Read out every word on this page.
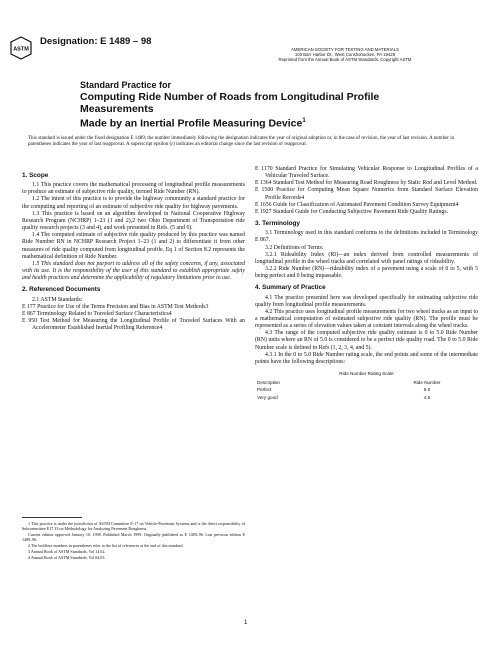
ASTM
Designation: E 1489 – 98
AMERICAN SOCIETY FOR TESTING AND MATERIALS
100 Barr Harbor Dr., West Conshohocken, PA 19428
Reprinted from the Annual Book of ASTM Standards. Copyright ASTM
Standard Practice for
Computing Ride Number of Roads from Longitudinal Profile
Measurements
Made by an Inertial Profile Measuring Device$^1$
This standard is issued under the fixed designation E 1489; the number immediately following the designation indicates the year of original adoption or, in the case of revision, the year of last revision. A number in parentheses indicates the year of last reapproval. A superscript epsilon (ε) indicates an editorial change since the last revision or reapproval.
1. Scope

1.1 This practice covers the mathematical processing of longitudinal profile measurements to produce an estimate of subjective ride quality, termed Ride Number (RN).

1.2 The intent of this practice is to provide the highway community a standard practice for the computing and reporting of an estimate of subjective ride quality for highway pavements.

1.3 This practice is based on an algorithm developed in National Cooperative Highway Research Program (NCHRP) 1–23 (1 and 2),2 two Ohio Department of Transportation ride quality research projects (3 and 4), and work presented in Refs. (5 and 6).

1.4 The computed estimate of subjective ride quality produced by this practice was named Ride Number RN in NCHRP Research Project 1–23 (1 and 2) to differentiate it from other measures of ride quality computed from longitudinal profile. Eq 1 of Section 8.2 represents the mathematical definition of Ride Number.

1.5 This standard does not purport to address all of the safety concerns, if any, associated with its use. It is the responsibility of the user of this standard to establish appropriate safety and health practices and determine the applicability of regulatory limitations prior to use.

2. Referenced Documents

2.1 ASTM Standards:

E 177 Practice for Use of the Terms Precision and Bias in ASTM Test Methods3

E 867 Terminology Related to Traveled Surface Characteristics4

E 950 Test Method for Measuring the Longitudinal Profile of Traveled Surfaces With an Accelerometer Established Inertial Profiling Reference4

1 This practice is under the jurisdiction of ASTM Committee E-17 on Vehicle-Pavement Systems and is the direct responsibility of Subcommittee E17.33 on Methodology for Analyzing Pavement Roughness.

Current edition approved January 10, 1998. Published March 1999. Originally published as E 1489–96. Last previous edition E 1489–96.

2 The boldface numbers in parentheses refer to the list of references at the end of this standard.

3 Annual Book of ASTM Standards, Vol 14.02.

4 Annual Book of ASTM Standards, Vol 04.03.

E 1170 Standard Practice for Simulating Vehicular Response to Longitudinal Profiles of a Vehicular Traveled Surface.

E 1364 Standard Test Method for Measuring Road Roughness by Static Rod and Level Method.

E 1500 Practice for Computing Mean Square Numerics from Standard Surface Elevation Profile Records4

E 1656 Guide for Classification of Automated Pavement Condition Survey Equipment4

E 1927 Standard Guide for Conducting Subjective Pavement Ride Quality Ratings.

3. Terminology

3.1 Terminology used in this standard conforms to the definitions included in Terminology E 867.

3.2 Definitions of Terms:

3.2.1 Rideability Index (RI)—an index derived from controlled measurements of longitudinal profile in the wheel tracks and correlated with panel ratings of rideability.

3.2.2 Ride Number (RN)—rideability index of a pavement using a scale of 0 to 5, with 5 being perfect and 0 being impassable.

4. Summary of Practice

4.1 The practice presented here was developed specifically for estimating subjective ride quality from longitudinal profile measurements.

4.2 This practice uses longitudinal profile measurements for two wheel tracks as an input to a mathematical computation of estimated subjective ride quality (RN). The profile must be represented as a series of elevation values taken at constant intervals along the wheel tracks.

4.3 The range of the computed subjective ride quality estimate is 0 to 5.0 Ride Number (RN) units where an RN of 5.0 is considered to be a perfect ride quality road. The 0 to 5.0 Ride Number scale is defined in Refs (1, 2, 3, 4, and 5).

4.3.1 In the 0 to 5.0 Ride Number rating scale, the end points and some of the intermediate points have the following descriptions:

Ride Number Rating Scale
Description	Ride Number
Perfect	5.0
Very good	4.5
1
